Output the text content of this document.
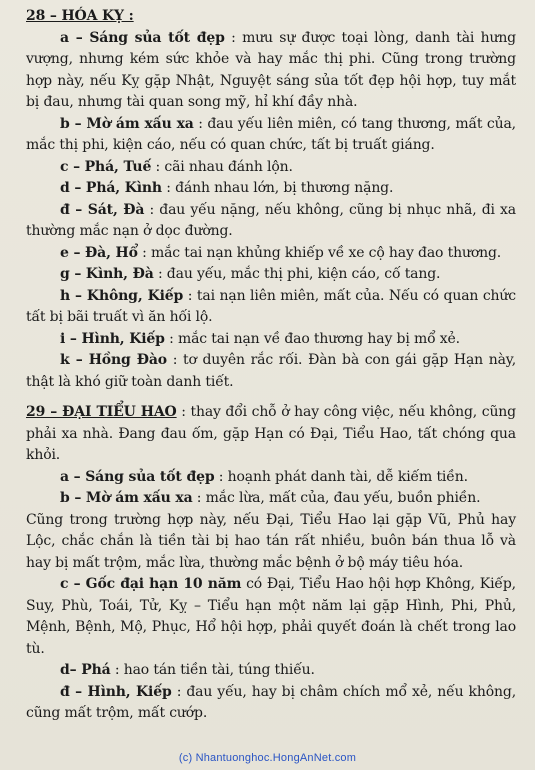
28 – HÓA KỴ :

a – Sáng sủa tốt đẹp : mưu sự được toại lòng, danh tài hưng vượng, nhưng kém sức khỏe và hay mắc thị phi. Cũng trong trường hợp này, nếu Kỵ gặp Nhật, Nguyệt sáng sủa tốt đẹp hội hợp, tuy mắt bị đau, nhưng tài quan song mỹ, hỉ khí đầy nhà.

b – Mờ ám xấu xa : đau yếu liên miên, có tang thương, mất của, mắc thị phi, kiện cáo, nếu có quan chức, tất bị truất giáng.

c – Phá, Tuế : cãi nhau đánh lộn.

d – Phá, Kình : đánh nhau lớn, bị thương nặng.

đ – Sát, Đà : đau yếu nặng, nếu không, cũng bị nhục nhã, đi xa thường mắc nạn ở dọc đường.

e – Đà, Hổ : mắc tai nạn khủng khiếp về xe cộ hay đao thương.

g – Kình, Đà : đau yếu, mắc thị phi, kiện cáo, cố tang.

h – Không, Kiếp : tai nạn liên miên, mất của. Nếu có quan chức tất bị bãi truất vì ăn hối lộ.

i – Hình, Kiếp : mắc tai nạn về đao thương hay bị mổ xẻ.

k – Hồng Đào : tơ duyên rắc rối. Đàn bà con gái gặp Hạn này, thật là khó giữ toàn danh tiết.

29 – ĐẠI TIỂU HAO : thay đổi chỗ ở hay công việc, nếu không, cũng phải xa nhà. Đang đau ốm, gặp Hạn có Đại, Tiểu Hao, tất chóng qua khỏi.

a – Sáng sủa tốt đẹp : hoạnh phát danh tài, dễ kiếm tiền.

b – Mờ ám xấu xa : mắc lừa, mất của, đau yếu, buồn phiền.

Cũng trong trường hợp này, nếu Đại, Tiểu Hao lại gặp Vũ, Phủ hay Lộc, chắc chắn là tiền tài bị hao tán rất nhiều, buôn bán thua lỗ và hay bị mất trộm, mắc lừa, thường mắc bệnh ở bộ máy tiêu hóa.

c – Gốc đại hạn 10 năm có Đại, Tiểu Hao hội hợp Không, Kiếp, Suy, Phù, Toái, Tử, Kỵ – Tiểu hạn một năm lại gặp Hình, Phi, Phủ, Mệnh, Bệnh, Mộ, Phục, Hổ hội hợp, phải quyết đoán là chết trong lao tù.

d– Phá : hao tán tiền tài, túng thiếu.

đ – Hình, Kiếp : đau yếu, hay bị châm chích mổ xẻ, nếu không, cũng mất trộm, mất cướp.

(c) Nhantuonghoc.HongAnNet.com
